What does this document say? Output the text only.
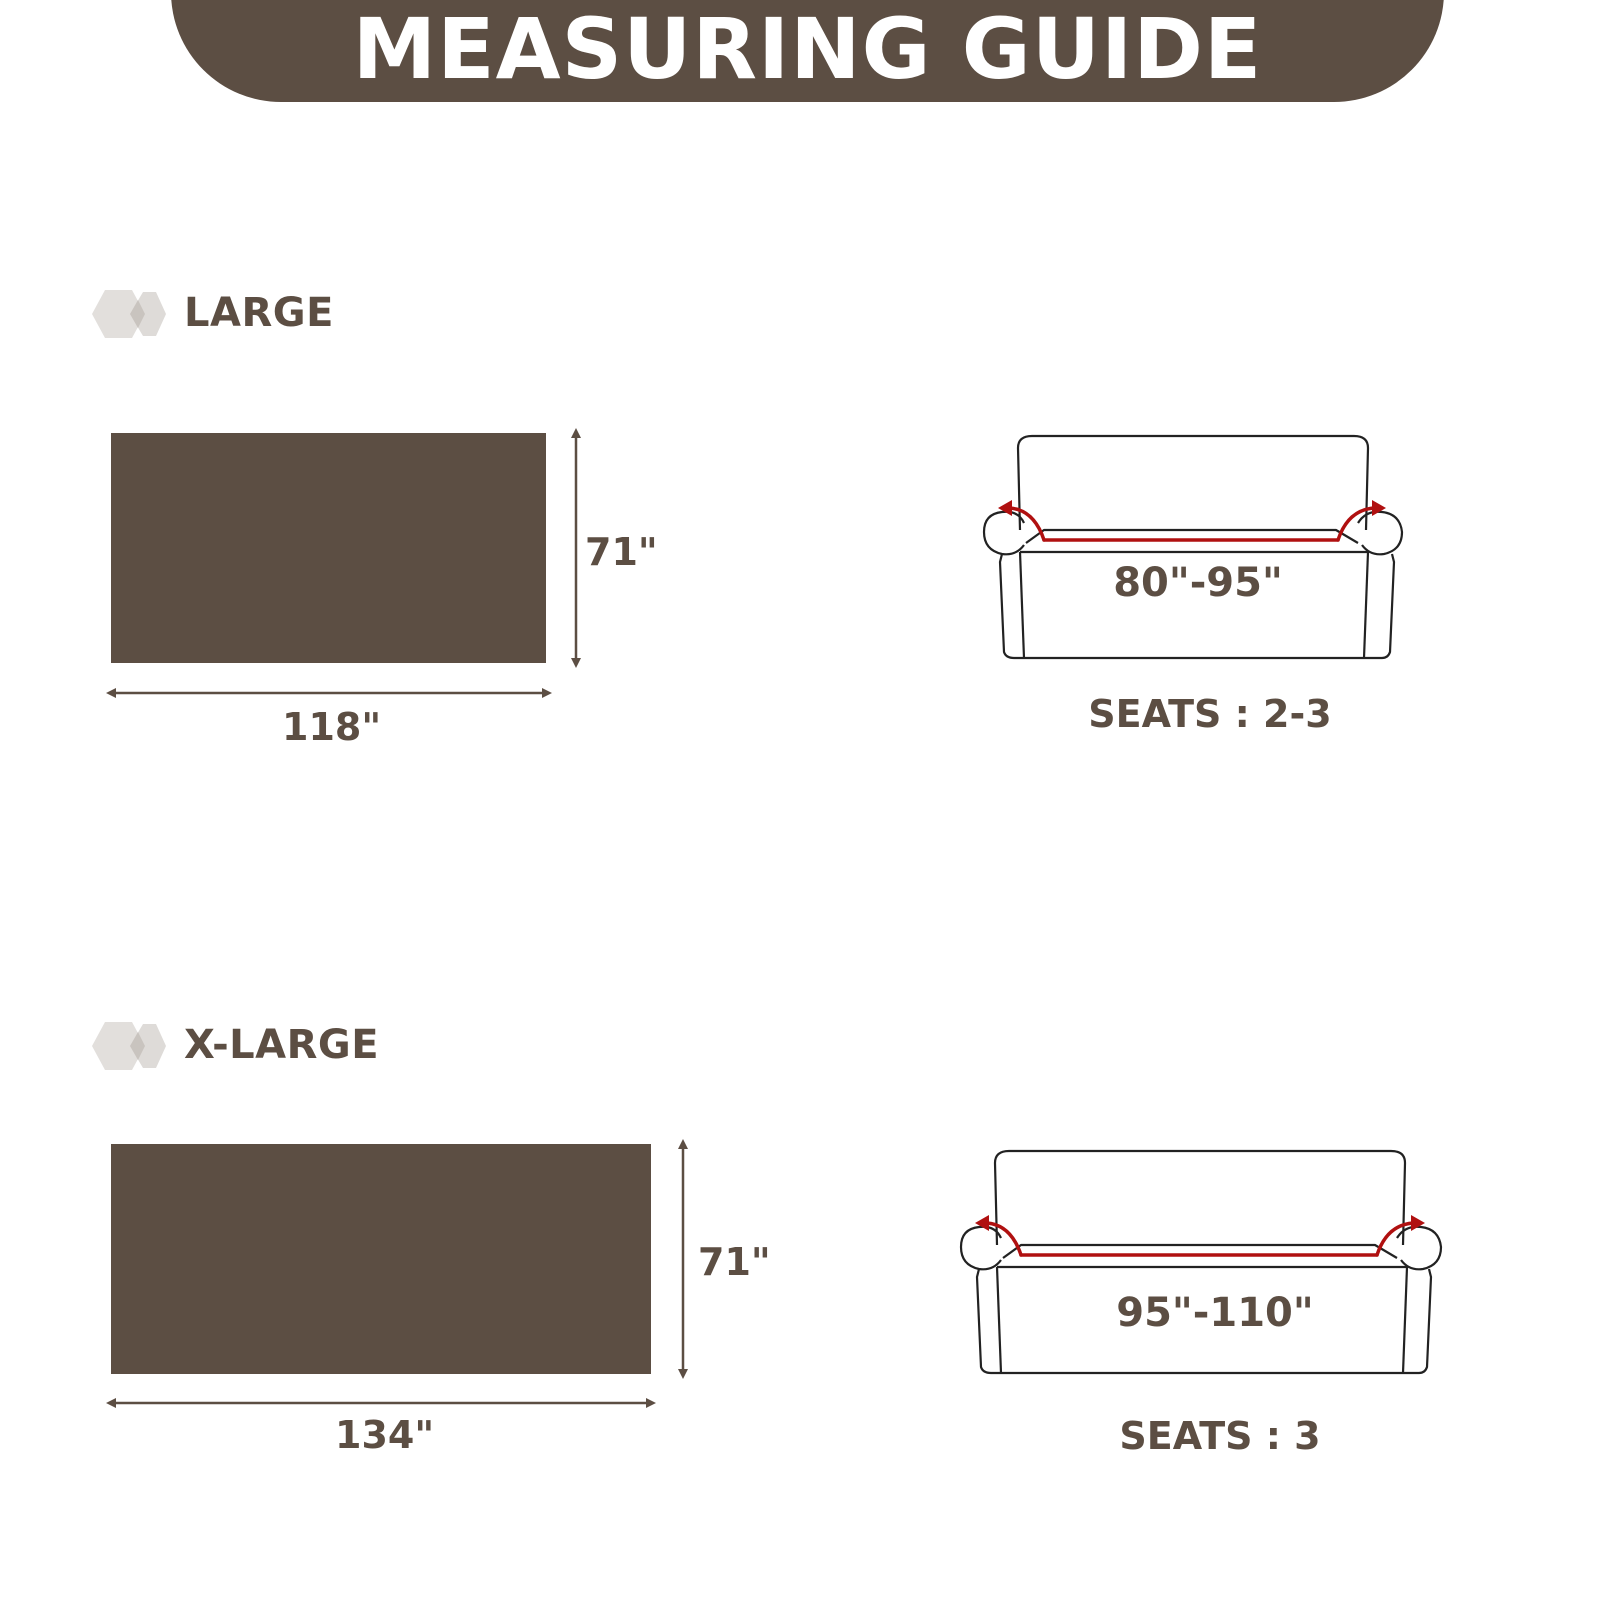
MEASURING GUIDE
LARGE
71"
118"
80"-95"
SEATS : 2-3
X-LARGE
71"
134"
95"-110"
SEATS : 3
